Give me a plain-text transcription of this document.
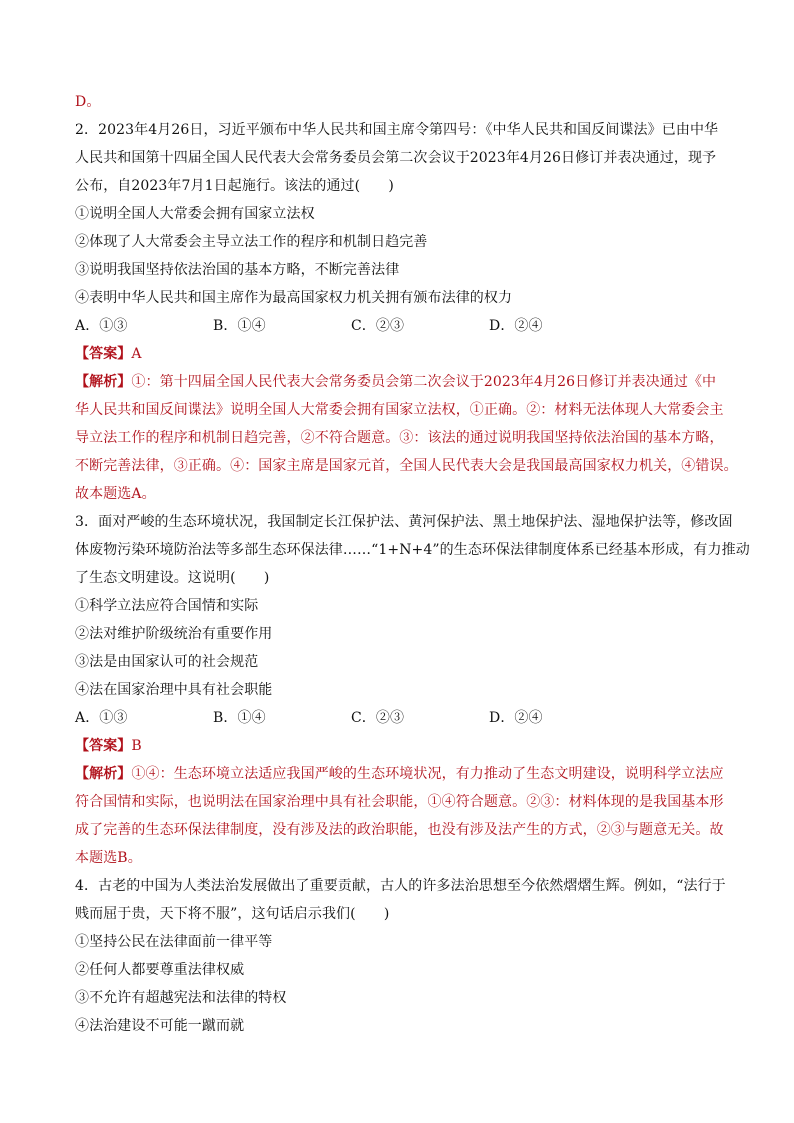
D。
2．2023年4月26日，习近平颁布中华人民共和国主席令第四号：《中华人民共和国反间谍法》已由中华
人民共和国第十四届全国人民代表大会常务委员会第二次会议于2023年4月26日修订并表决通过，现予
公布，自2023年7月1日起施行。该法的通过(　　)
①说明全国人大常委会拥有国家立法权
②体现了人大常委会主导立法工作的程序和机制日趋完善
③说明我国坚持依法治国的基本方略，不断完善法律
④表明中华人民共和国主席作为最高国家权力机关拥有颁布法律的权力
A．①③	B．①④	C．②③	D．②④
【答案】A
【解析】①：第十四届全国人民代表大会常务委员会第二次会议于2023年4月26日修订并表决通过《中
华人民共和国反间谍法》说明全国人大常委会拥有国家立法权，①正确。②：材料无法体现人大常委会主
导立法工作的程序和机制日趋完善，②不符合题意。③：该法的通过说明我国坚持依法治国的基本方略，
不断完善法律，③正确。④：国家主席是国家元首，全国人民代表大会是我国最高国家权力机关，④错误。
故本题选A。
3．面对严峻的生态环境状况，我国制定长江保护法、黄河保护法、黑土地保护法、湿地保护法等，修改固
体废物污染环境防治法等多部生态环保法律……“1+N+4”的生态环保法律制度体系已经基本形成，有力推动
了生态文明建设。这说明(　　)
①科学立法应符合国情和实际
②法对维护阶级统治有重要作用
③法是由国家认可的社会规范
④法在国家治理中具有社会职能
A．①③	B．①④	C．②③	D．②④
【答案】B
【解析】①④：生态环境立法适应我国严峻的生态环境状况，有力推动了生态文明建设，说明科学立法应
符合国情和实际，也说明法在国家治理中具有社会职能，①④符合题意。②③：材料体现的是我国基本形
成了完善的生态环保法律制度，没有涉及法的政治职能，也没有涉及法产生的方式，②③与题意无关。故
本题选B。
4．古老的中国为人类法治发展做出了重要贡献，古人的许多法治思想至今依然熠熠生辉。例如，“法行于
贱而屈于贵，天下将不服”，这句话启示我们(　　)
①坚持公民在法律面前一律平等
②任何人都要尊重法律权威
③不允许有超越宪法和法律的特权
④法治建设不可能一蹴而就
